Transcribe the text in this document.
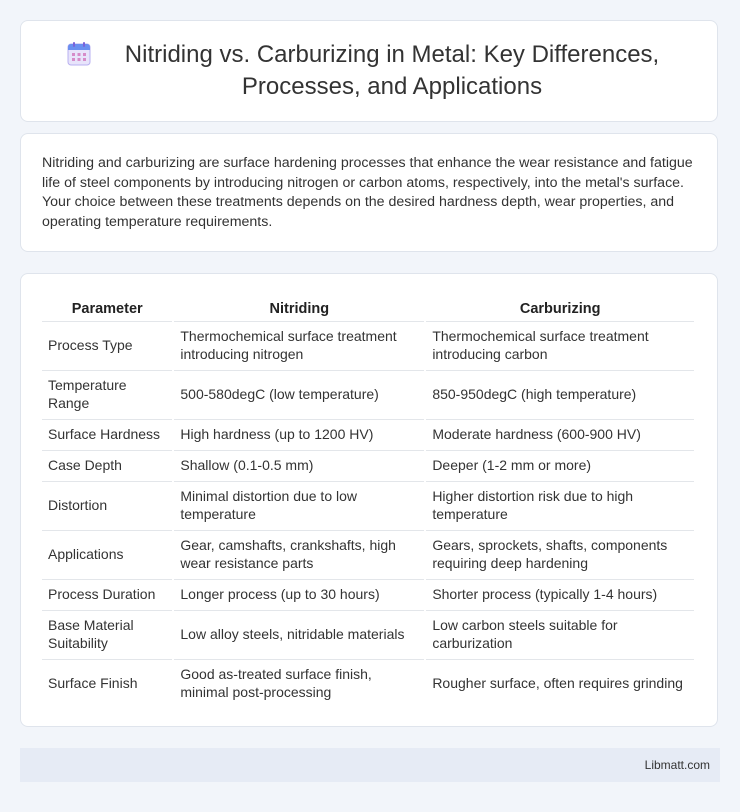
Nitriding vs. Carburizing in Metal: Key Differences, Processes, and Applications

Nitriding and carburizing are surface hardening processes that enhance the wear resistance and fatigue life of steel components by introducing nitrogen or carbon atoms, respectively, into the metal's surface. Your choice between these treatments depends on the desired hardness depth, wear properties, and operating temperature requirements.

Parameter	Nitriding	Carburizing
Process Type	Thermochemical surface treatment introducing nitrogen	Thermochemical surface treatment introducing carbon
Temperature Range	500-580degC (low temperature)	850-950degC (high temperature)
Surface Hardness	High hardness (up to 1200 HV)	Moderate hardness (600-900 HV)
Case Depth	Shallow (0.1-0.5 mm)	Deeper (1-2 mm or more)
Distortion	Minimal distortion due to low temperature	Higher distortion risk due to high temperature
Applications	Gear, camshafts, crankshafts, high wear resistance parts	Gears, sprockets, shafts, components requiring deep hardening
Process Duration	Longer process (up to 30 hours)	Shorter process (typically 1-4 hours)
Base Material Suitability	Low alloy steels, nitridable materials	Low carbon steels suitable for carburization
Surface Finish	Good as-treated surface finish, minimal post-processing	Rougher surface, often requires grinding
Libmatt.com
